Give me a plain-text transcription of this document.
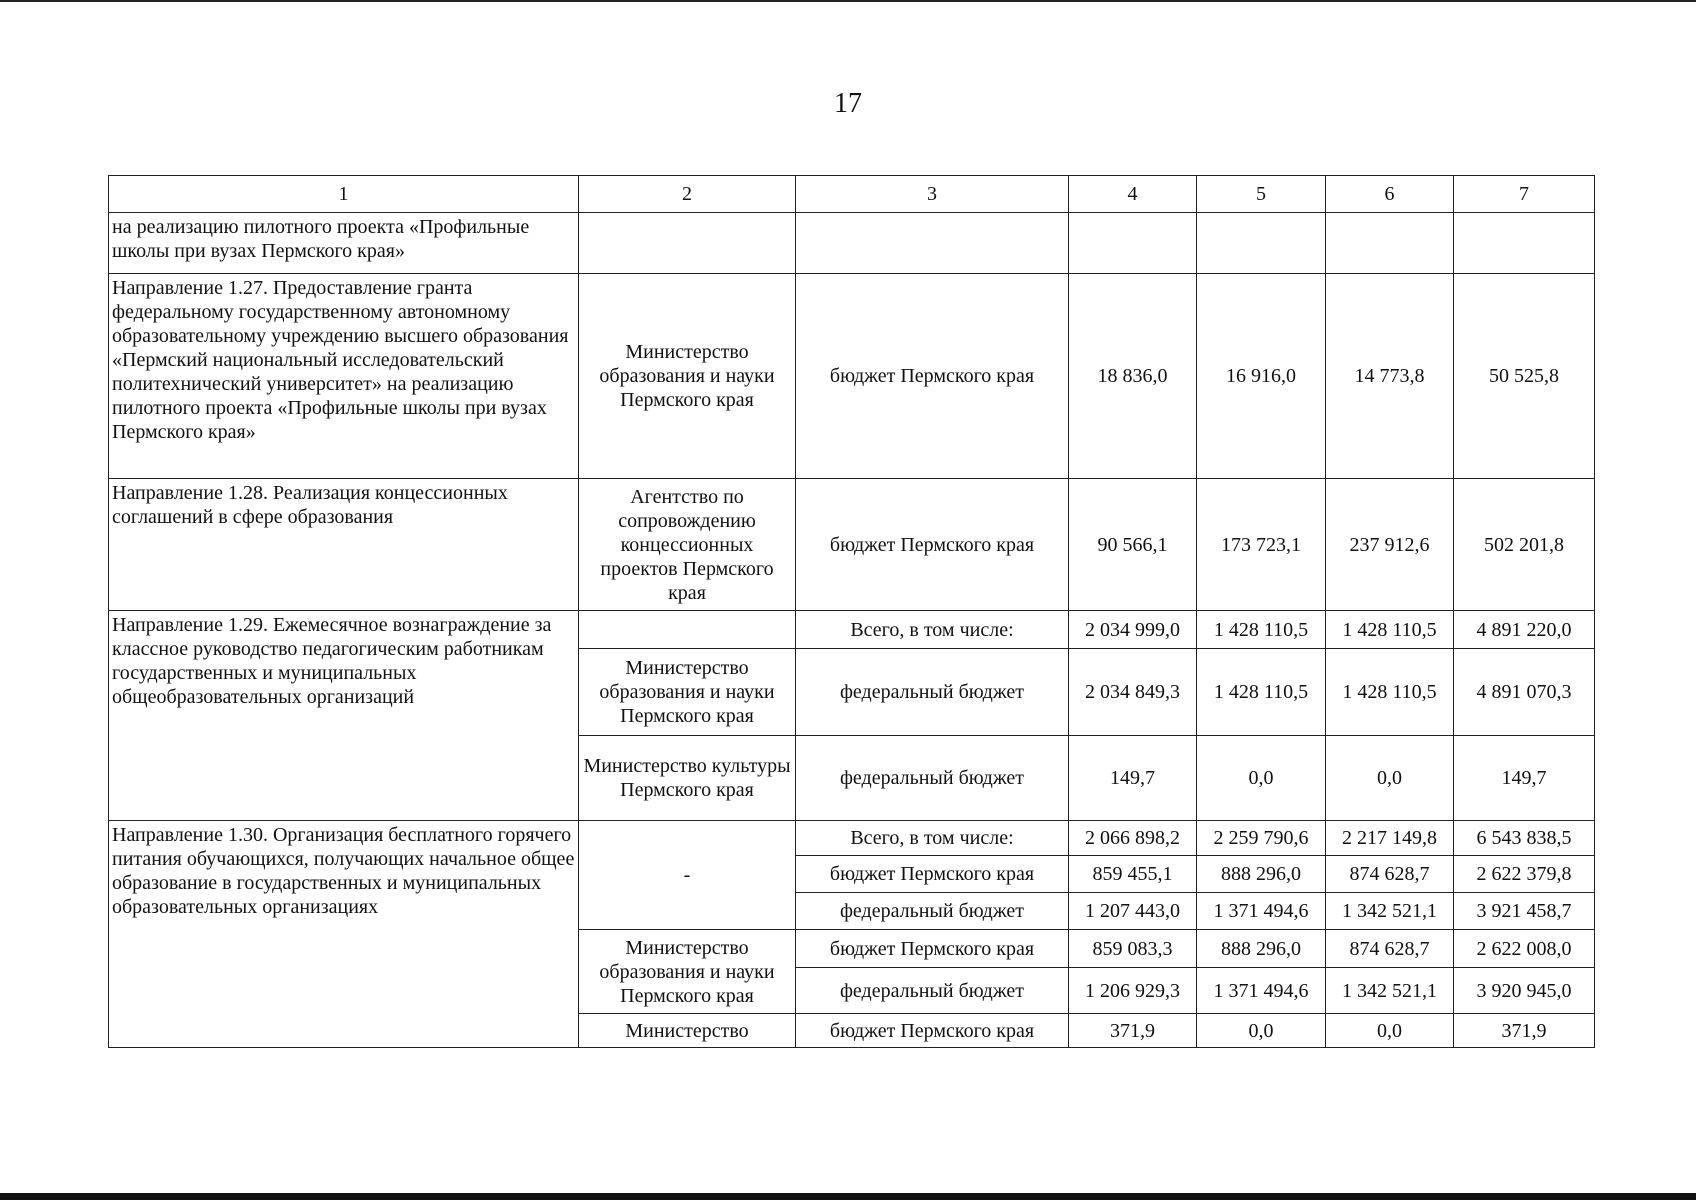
17
1	2	3	4	5	6	7
на реализацию пилотного проекта «Профильные школы при вузах Пермского края»						
Направление 1.27. Предоставление гранта федеральному государственному автономному образовательному учреждению высшего образования «Пермский национальный исследовательский политехнический университет» на реализацию пилотного проекта «Профильные школы при вузах Пермского края»	Министерство образования и науки Пермского края	бюджет Пермского края	18 836,0	16 916,0	14 773,8	50 525,8
Направление 1.28. Реализация концессионных соглашений в сфере образования	Агентство по сопровождению концессионных проектов Пермского края	бюджет Пермского края	90 566,1	173 723,1	237 912,6	502 201,8
Направление 1.29. Ежемесячное вознаграждение за классное руководство педагогическим работникам государственных и муниципальных общеобразовательных организаций		Всего, в том числе:	2 034 999,0	1 428 110,5	1 428 110,5	4 891 220,0
	Министерство образования и науки Пермского края	федеральный бюджет	2 034 849,3	1 428 110,5	1 428 110,5	4 891 070,3
	Министерство культуры Пермского края	федеральный бюджет	149,7	0,0	0,0	149,7
Направление 1.30. Организация бесплатного горячего питания обучающихся, получающих начальное общее образование в государственных и муниципальных образовательных организациях	-	Всего, в том числе:	2 066 898,2	2 259 790,6	2 217 149,8	6 543 838,5
		бюджет Пермского края	859 455,1	888 296,0	874 628,7	2 622 379,8
		федеральный бюджет	1 207 443,0	1 371 494,6	1 342 521,1	3 921 458,7
	Министерство образования и науки Пермского края	бюджет Пермского края	859 083,3	888 296,0	874 628,7	2 622 008,0
		федеральный бюджет	1 206 929,3	1 371 494,6	1 342 521,1	3 920 945,0
	Министерство	бюджет Пермского края	371,9	0,0	0,0	371,9
